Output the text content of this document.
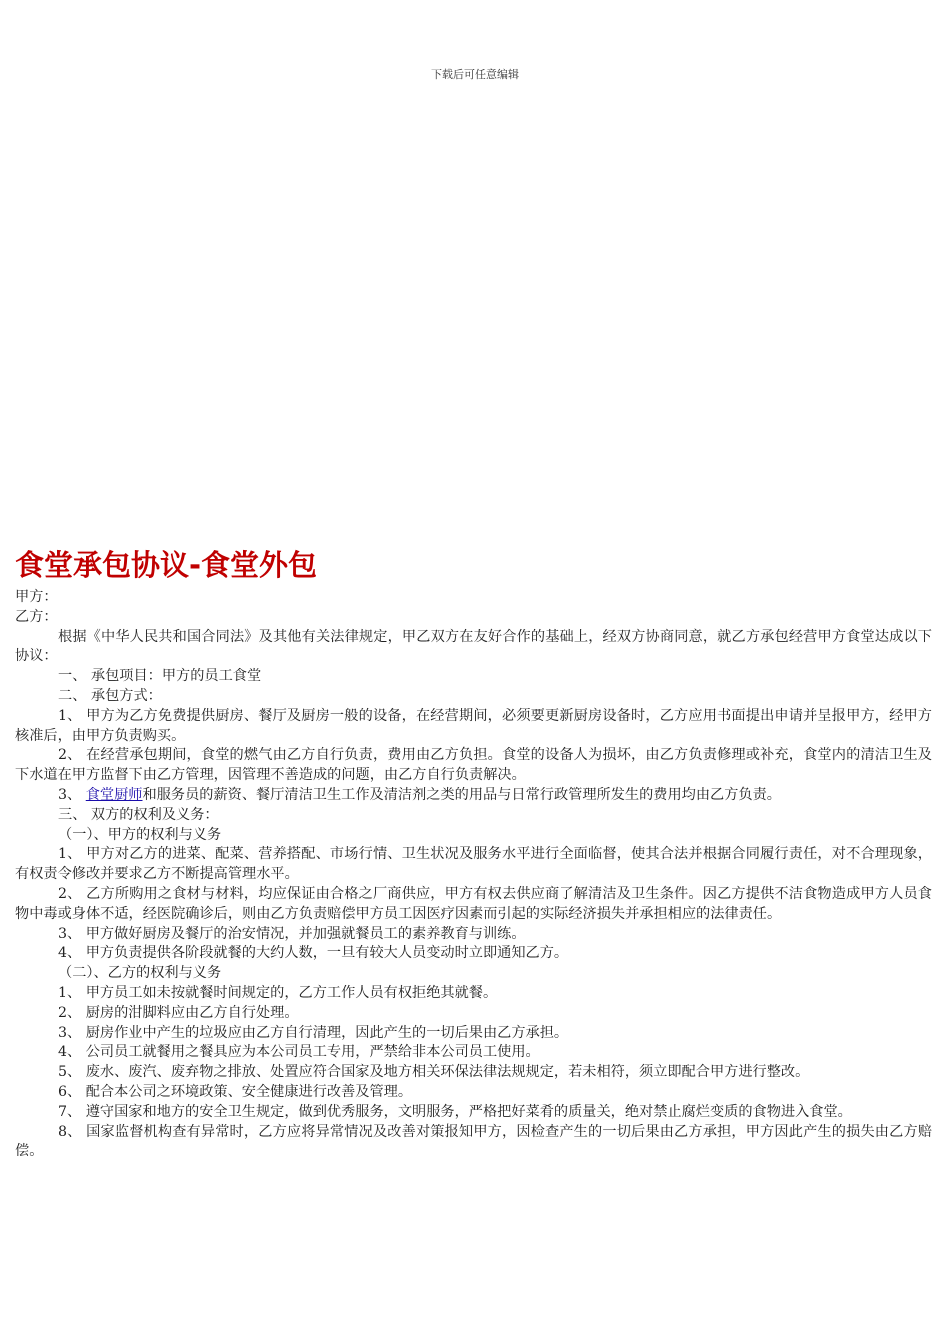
下载后可任意编辑
食堂承包协议-食堂外包

甲方：

乙方：

根据《中华人民共和国合同法》及其他有关法律规定，甲乙双方在友好合作的基础上，经双方协商同意，就乙方承包经营甲方食堂达成以下协议：

一、 承包项目：甲方的员工食堂

二、 承包方式：

1、 甲方为乙方免费提供厨房、餐厅及厨房一般的设备，在经营期间，必须要更新厨房设备时，乙方应用书面提出申请并呈报甲方，经甲方核准后，由甲方负责购买。

2、 在经营承包期间，食堂的燃气由乙方自行负责，费用由乙方负担。食堂的设备人为损坏，由乙方负责修理或补充，食堂内的清洁卫生及下水道在甲方监督下由乙方管理，因管理不善造成的问题，由乙方自行负责解决。

3、 食堂厨师和服务员的薪资、餐厅清洁卫生工作及清洁剂之类的用品与日常行政管理所发生的费用均由乙方负责。

三、 双方的权利及义务：

（一）、甲方的权利与义务

1、 甲方对乙方的进菜、配菜、营养搭配、市场行情、卫生状况及服务水平进行全面临督，使其合法并根据合同履行责任，对不合理现象，有权责令修改并要求乙方不断提高管理水平。

2、 乙方所购用之食材与材料，均应保证由合格之厂商供应，甲方有权去供应商了解清洁及卫生条件。因乙方提供不洁食物造成甲方人员食物中毒或身体不适，经医院确诊后，则由乙方负责赔偿甲方员工因医疗因素而引起的实际经济损失并承担相应的法律责任。

3、 甲方做好厨房及餐厅的治安情况，并加强就餐员工的素养教育与训练。

4、 甲方负责提供各阶段就餐的大约人数，一旦有较大人员变动时立即通知乙方。

（二）、乙方的权利与义务

1、 甲方员工如未按就餐时间规定的，乙方工作人员有权拒绝其就餐。

2、 厨房的泔脚料应由乙方自行处理。

3、 厨房作业中产生的垃圾应由乙方自行清理，因此产生的一切后果由乙方承担。

4、 公司员工就餐用之餐具应为本公司员工专用，严禁给非本公司员工使用。

5、 废水、废汽、废弃物之排放、处置应符合国家及地方相关环保法律法规规定，若未相符，须立即配合甲方进行整改。

6、 配合本公司之环境政策、安全健康进行改善及管理。

7、 遵守国家和地方的安全卫生规定，做到优秀服务，文明服务，严格把好菜肴的质量关，绝对禁止腐烂变质的食物进入食堂。

8、 国家监督机构查有异常时，乙方应将异常情况及改善对策报知甲方，因检查产生的一切后果由乙方承担，甲方因此产生的损失由乙方赔偿。
